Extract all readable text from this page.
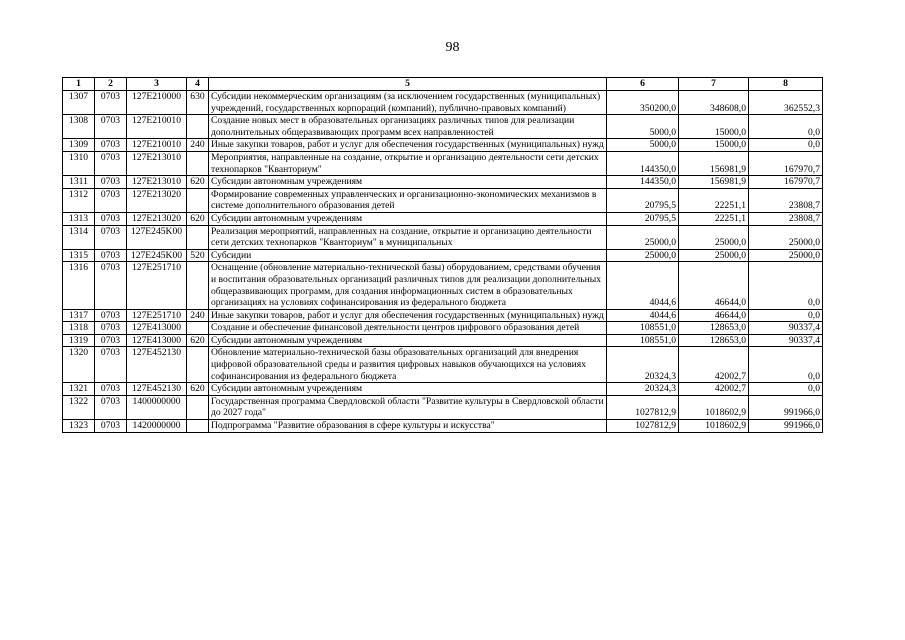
98
1	2	3	4	5	6	7	8
1307	0703	127E210000	630	Субсидии некоммерческим организациям (за исключением государственных (муниципальных) учреждений, государственных корпораций (компаний), публично-правовых компаний)	350200,0	348608,0	362552,3
1308	0703	127E210010		Создание новых мест в образовательных организациях различных типов для реализации дополнительных общеразвивающих программ всех направленностей	5000,0	15000,0	0,0
1309	0703	127E210010	240	Иные закупки товаров, работ и услуг для обеспечения государственных (муниципальных) нужд	5000,0	15000,0	0,0
1310	0703	127E213010		Мероприятия, направленные на создание, открытие и организацию деятельности сети детских технопарков "Кванториум"	144350,0	156981,9	167970,7
1311	0703	127E213010	620	Субсидии автономным учреждениям	144350,0	156981,9	167970,7
1312	0703	127E213020		Формирование современных управленческих и организационно-экономических механизмов в системе дополнительного образования детей	20795,5	22251,1	23808,7
1313	0703	127E213020	620	Субсидии автономным учреждениям	20795,5	22251,1	23808,7
1314	0703	127E245K00		Реализация мероприятий, направленных на создание, открытие и организацию деятельности сети детских технопарков "Кванториум" в муниципальных	25000,0	25000,0	25000,0
1315	0703	127E245K00	520	Субсидии	25000,0	25000,0	25000,0
1316	0703	127E251710		Оснащение (обновление материально-технической базы) оборудованием, средствами обучения и воспитания образовательных организаций различных типов для реализации дополнительных общеразвивающих программ, для создания информационных систем в образовательных организациях на условиях софинансирования из федерального бюджета	4044,6	46644,0	0,0
1317	0703	127E251710	240	Иные закупки товаров, работ и услуг для обеспечения государственных (муниципальных) нужд	4044,6	46644,0	0,0
1318	0703	127E413000		Создание и обеспечение финансовой деятельности центров цифрового образования детей	108551,0	128653,0	90337,4
1319	0703	127E413000	620	Субсидии автономным учреждениям	108551,0	128653,0	90337,4
1320	0703	127E452130		Обновление материально-технической базы образовательных организаций для внедрения цифровой образовательной среды и развития цифровых навыков обучающихся на условиях софинансирования из федерального бюджета	20324,3	42002,7	0,0
1321	0703	127E452130	620	Субсидии автономным учреждениям	20324,3	42002,7	0,0
1322	0703	1400000000		Государственная программа Свердловской области "Развитие культуры в Свердловской области до 2027 года"	1027812,9	1018602,9	991966,0
1323	0703	1420000000		Подпрограмма "Развитие образования в сфере культуры и искусства"	1027812,9	1018602,9	991966,0
